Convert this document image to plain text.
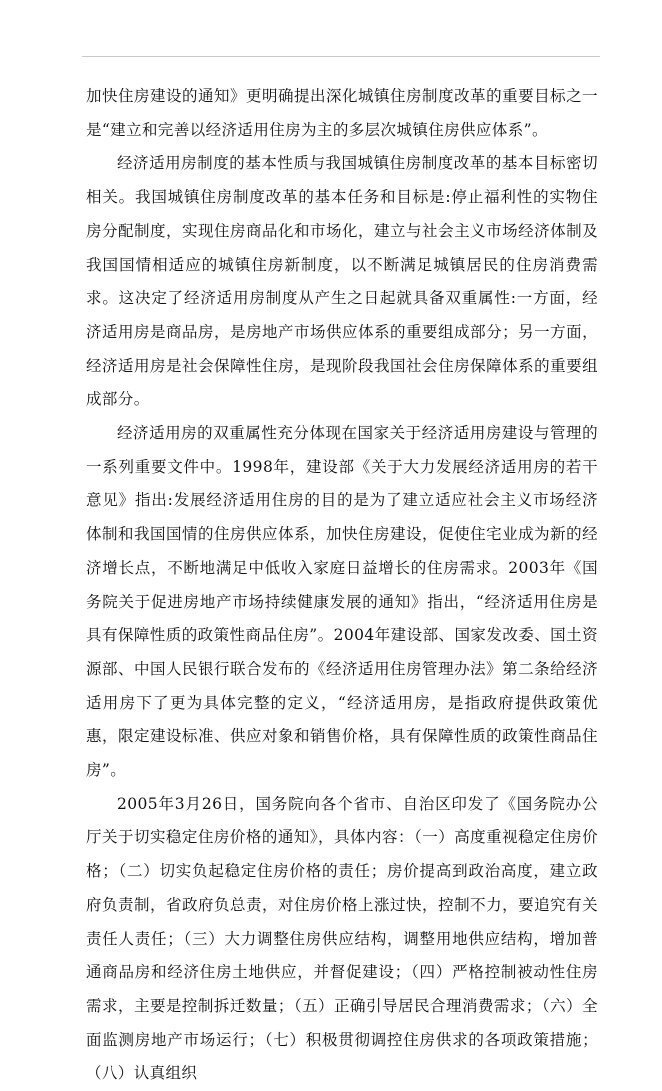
加快住房建设的通知》更明确提出深化城镇住房制度改革的重要目标之一是“建立和完善以经济适用住房为主的多层次城镇住房供应体系”。

经济适用房制度的基本性质与我国城镇住房制度改革的基本目标密切相关。我国城镇住房制度改革的基本任务和目标是:停止福利性的实物住房分配制度，实现住房商品化和市场化，建立与社会主义市场经济体制及我国国情相适应的城镇住房新制度，以不断满足城镇居民的住房消费需求。这决定了经济适用房制度从产生之日起就具备双重属性:一方面，经济适用房是商品房，是房地产市场供应体系的重要组成部分；另一方面，经济适用房是社会保障性住房，是现阶段我国社会住房保障体系的重要组成部分。

经济适用房的双重属性充分体现在国家关于经济适用房建设与管理的一系列重要文件中。1998年，建设部《关于大力发展经济适用房的若干意见》指出:发展经济适用住房的目的是为了建立适应社会主义市场经济体制和我国国情的住房供应体系，加快住房建设，促使住宅业成为新的经济增长点，不断地满足中低收入家庭日益增长的住房需求。2003年《国务院关于促进房地产市场持续健康发展的通知》指出，“经济适用住房是具有保障性质的政策性商品住房”。2004年建设部、国家发改委、国土资源部、中国人民银行联合发布的《经济适用住房管理办法》第二条给经济适用房下了更为具体完整的定义，“经济适用房，是指政府提供政策优惠，限定建设标准、供应对象和销售价格，具有保障性质的政策性商品住房”。

2005年3月26日，国务院向各个省市、自治区印发了《国务院办公厅关于切实稳定住房价格的通知》，具体内容：（一）高度重视稳定住房价格；（二）切实负起稳定住房价格的责任；房价提高到政治高度，建立政府负责制，省政府负总责，对住房价格上涨过快，控制不力，要追究有关责任人责任；（三）大力调整住房供应结构，调整用地供应结构，增加普通商品房和经济住房土地供应，并督促建设；（四）严格控制被动性住房需求，主要是控制拆迁数量；（五）正确引导居民合理消费需求；（六）全面监测房地产市场运行；（七）积极贯彻调控住房供求的各项政策措施；（八）认真组织
